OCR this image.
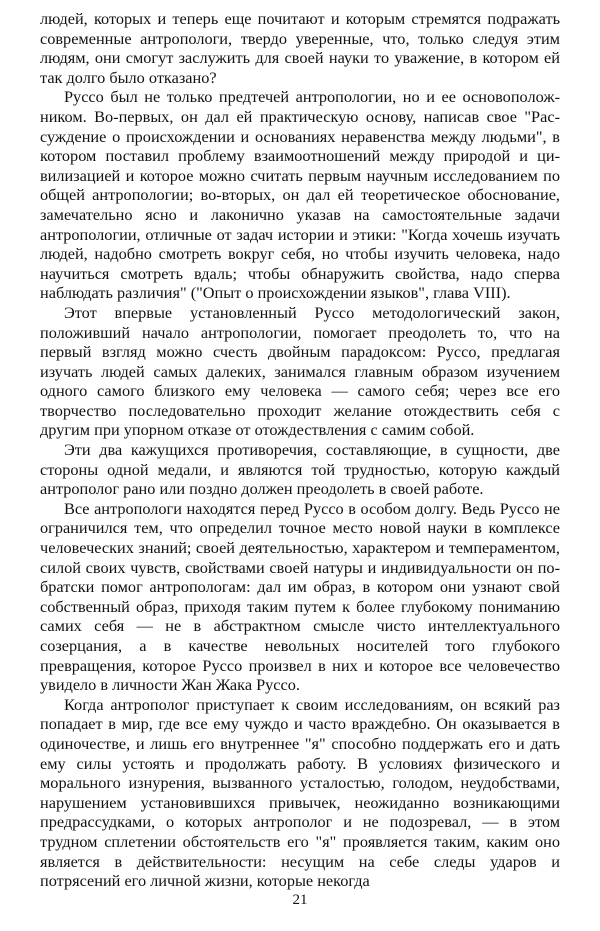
людей, которых и теперь еще почитают и которым стремятся подражать современные антропологи, твердо уверенные, что, только следуя этим людям, они смогут заслужить для своей науки то уважение, в котором ей так долго было отказано?

Руссо был не только предтечей антропологии, но и ее основоположником. Во-первых, он дал ей практическую основу, написав свое "Рассуждение о происхождении и основаниях неравенства между людьми", в котором поставил проблему взаимоотношений между природой и цивилизацией и которое можно считать первым научным исследованием по общей антропологии; во-вторых, он дал ей теоретическое обоснование, замечательно ясно и лаконично указав на самостоятельные задачи антропологии, отличные от задач истории и этики: "Когда хочешь изучать людей, надобно смотреть вокруг себя, но чтобы изучить человека, надо научиться смотреть вдаль; чтобы обнаружить свойства, надо сперва наблюдать различия" ("Опыт о происхождении языков", глава VIII).

Этот впервые установленный Руссо методологический закон, положивший начало антропологии, помогает преодолеть то, что на первый взгляд можно счесть двойным парадоксом: Руссо, предлагая изучать людей самых далеких, занимался главным образом изучением одного самого близкого ему человека — самого себя; через все его творчество последовательно проходит желание отождествить себя с другим при упорном отказе от отождествления с самим собой.

Эти два кажущихся противоречия, составляющие, в сущности, две стороны одной медали, и являются той трудностью, которую каждый антрополог рано или поздно должен преодолеть в своей работе.

Все антропологи находятся перед Руссо в особом долгу. Ведь Руссо не ограничился тем, что определил точное место новой науки в комплексе человеческих знаний; своей деятельностью, характером и темпераментом, силой своих чувств, свойствами своей натуры и индивидуальности он по-братски помог антропологам: дал им образ, в котором они узнают свой собственный образ, приходя таким путем к более глубокому пониманию самих себя — не в абстрактном смысле чисто интеллектуального созерцания, а в качестве невольных носителей того глубокого превращения, которое Руссо произвел в них и которое все человечество увидело в личности Жан Жака Руссо.

Когда антрополог приступает к своим исследованиям, он всякий раз попадает в мир, где все ему чуждо и часто враждебно. Он оказывается в одиночестве, и лишь его внутреннее "я" способно поддержать его и дать ему силы устоять и продолжать работу. В условиях физического и морального изнурения, вызванного усталостью, голодом, неудобствами, нарушением установившихся привычек, неожиданно возникающими предрассудками, о которых антрополог и не подозревал, — в этом трудном сплетении обстоятельств его "я" проявляется таким, каким оно является в действительности: несущим на себе следы ударов и потрясений его личной жизни, которые некогда

21
